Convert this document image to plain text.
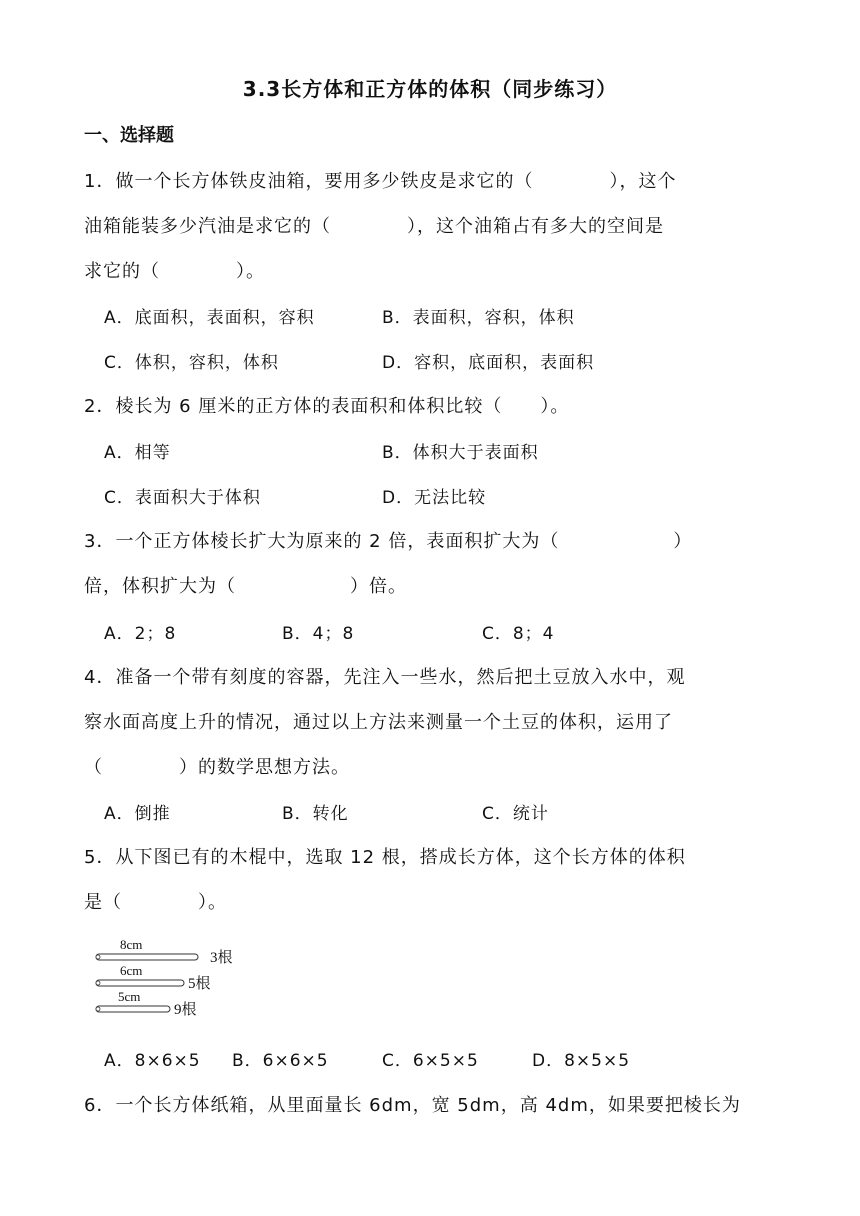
3.3长方体和正方体的体积（同步练习）
一、选择题
1．做一个长方体铁皮油箱，要用多少铁皮是求它的（　　　　），这个
油箱能装多少汽油是求它的（　　　　），这个油箱占有多大的空间是
求它的（　　　　）。
A．底面积，表面积，容积	B．表面积，容积，体积
C．体积，容积，体积	D．容积，底面积，表面积
2．棱长为 6 厘米的正方体的表面积和体积比较（　　）。
A．相等	B．体积大于表面积
C．表面积大于体积	D．无法比较
3．一个正方体棱长扩大为原来的 2 倍，表面积扩大为（　　　　　　）
倍，体积扩大为（　　　　　　）倍。
A．2；8	B．4；8	C．8；4
4．准备一个带有刻度的容器，先注入一些水，然后把土豆放入水中，观
察水面高度上升的情况，通过以上方法来测量一个土豆的体积，运用了
（　　　　）的数学思想方法。
A．倒推	B．转化	C．统计
5．从下图已有的木棍中，选取 12 根，搭成长方体，这个长方体的体积
是（　　　　）。
8cm
3根
6cm
5根
5cm
9根
A．8×6×5 B．6×6×5	C．6×5×5	D．8×5×5
6．一个长方体纸箱，从里面量长 6dm，宽 5dm，高 4dm，如果要把棱长为
